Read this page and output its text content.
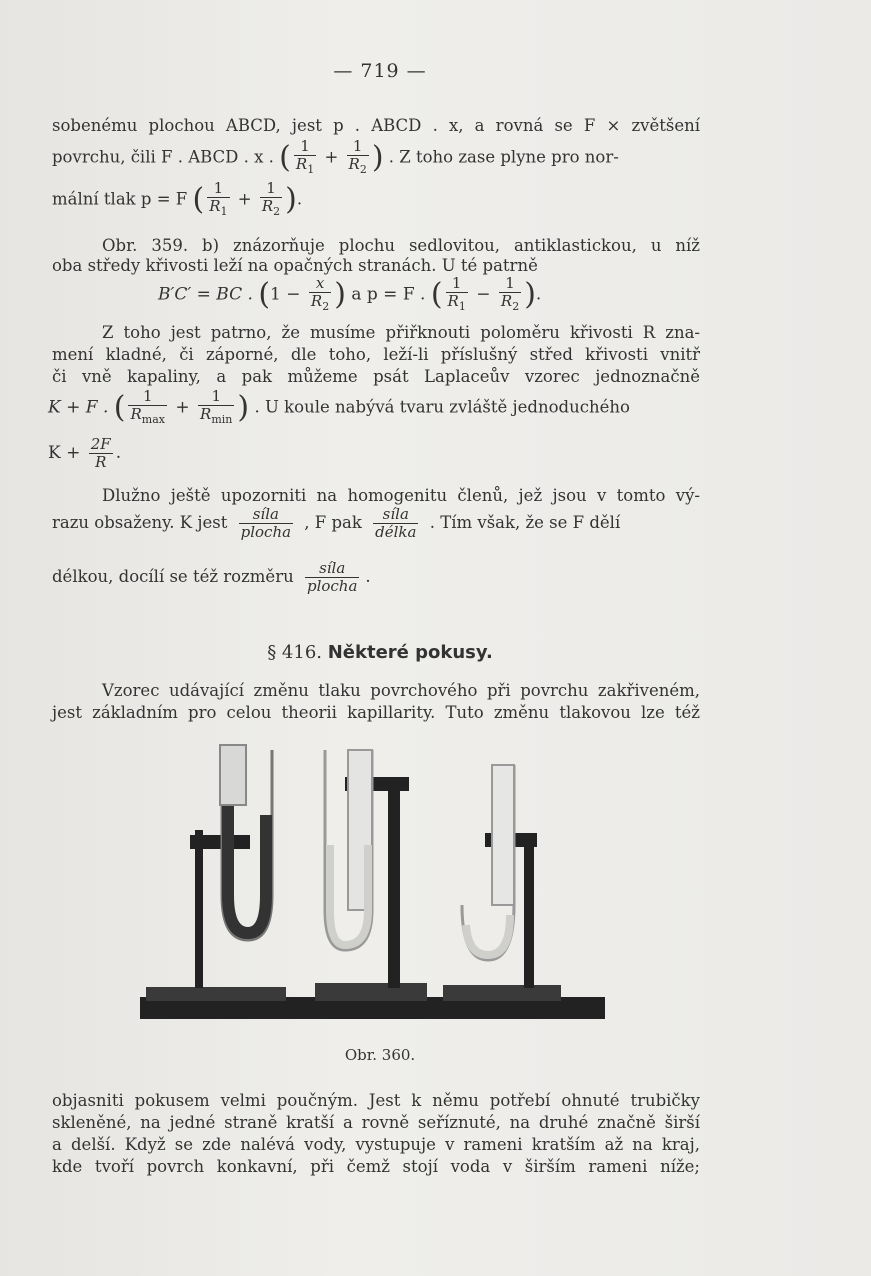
— 719 —
sobenému plochou ABCD, jest p . ABCD . x, a rovná se F ⨯ zvětšení
povrchu, čili F . ABCD . x . ( $\frac{1}{R_1} + \frac{1}{R_2}$ ) . Z toho zase plyne pro nor-
mální tlak p = F ( $\frac{1}{R_1} + \frac{1}{R_2}$ ).
Obr. 359. b) znázorňuje plochu sedlovitou, antiklastickou, u níž
oba středy křivosti leží na opačných stranách. U té patrně
B′C′ = BC . ($1 - \frac{x}{R_2}$ ) a p = F . ( $\frac{1}{R_1} - \frac{1}{R_2}$ ).
Z toho jest patrno, že musíme přiřknouti poloměru křivosti R zna-
mení kladné, či záporné, dle toho, leží-li příslušný střed křivosti vnitř
či vně kapaliny, a pak můžeme psát Laplaceův vzorec jednoznačně
K + F . ( $\frac{1}{R_{max}} + \frac{1}{R_{min}}$ ) . U koule nabývá tvaru zvláště jednoduchého
$K + \frac{2F}{R}$ .
Dlužno ještě upozorniti na homogenitu členů, jež jsou v tomto vý-
razu obsaženy. K jest $\frac{\text{síla}}{\text{plocha}}$ , F pak $\frac{\text{síla}}{\text{délka}}$ . Tím však, že se F dělí
délkou, docílí se též rozměru $\frac{\text{síla}}{\text{plocha}}$ .
§ 416. Některé pokusy.
Vzorec udávající změnu tlaku povrchového při povrchu zakřiveném,
jest základním pro celou theorii kapillarity. Tuto změnu tlakovou lze též
Obr. 360.
objasniti pokusem velmi poučným. Jest k němu potřebí ohnuté trubičky
skleněné, na jedné straně kratší a rovně seříznuté, na druhé značně širší
a delší. Když se zde nalévá vody, vystupuje v rameni kratším až na kraj,
kde tvoří povrch konkavní, při čemž stojí voda v širším rameni níže;
